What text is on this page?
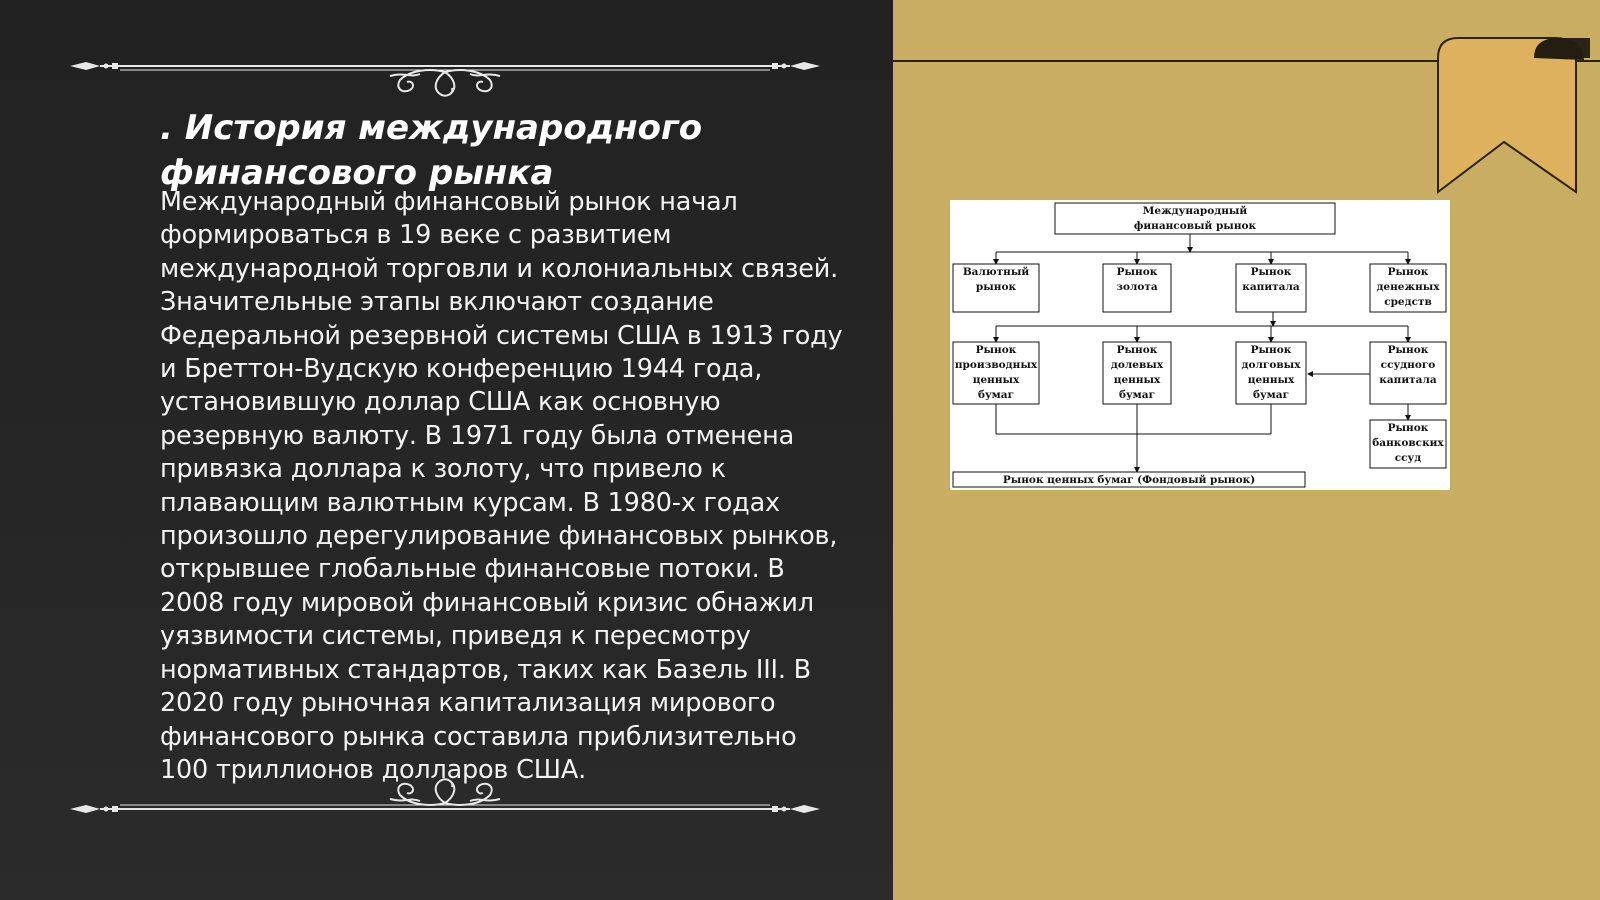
. История международного финансового рынка

Международный финансовый рынок начал формироваться в 19 веке с развитием международной торговли и колониальных связей. Значительные этапы включают создание Федеральной резервной системы США в 1913 году и Бреттон-Вудскую конференцию 1944 года, установившую доллар США как основную резервную валюту. В 1971 году была отменена привязка доллара к золоту, что привело к плавающим валютным курсам. В 1980-х годах произошло дерегулирование финансовых рынков, открывшее глобальные финансовые потоки. В 2008 году мировой финансовый кризис обнажил уязвимости системы, приведя к пересмотру нормативных стандартов, таких как Базель III. В 2020 году рыночная капитализация мирового финансового рынка составила приблизительно 100 триллионов долларов США.

Международный
финансовый рынок
Валютный
рынок
Рынок
золота
Рынок
капитала
Рынок
денежных
средств
Рынок
производных
ценных
бумаг
Рынок
долевых
ценных
бумаг
Рынок
долговых
ценных
бумаг
Рынок
ссудного
капитала
Рынок
банковских
ссуд
Рынок ценных бумаг (Фондовый рынок)
